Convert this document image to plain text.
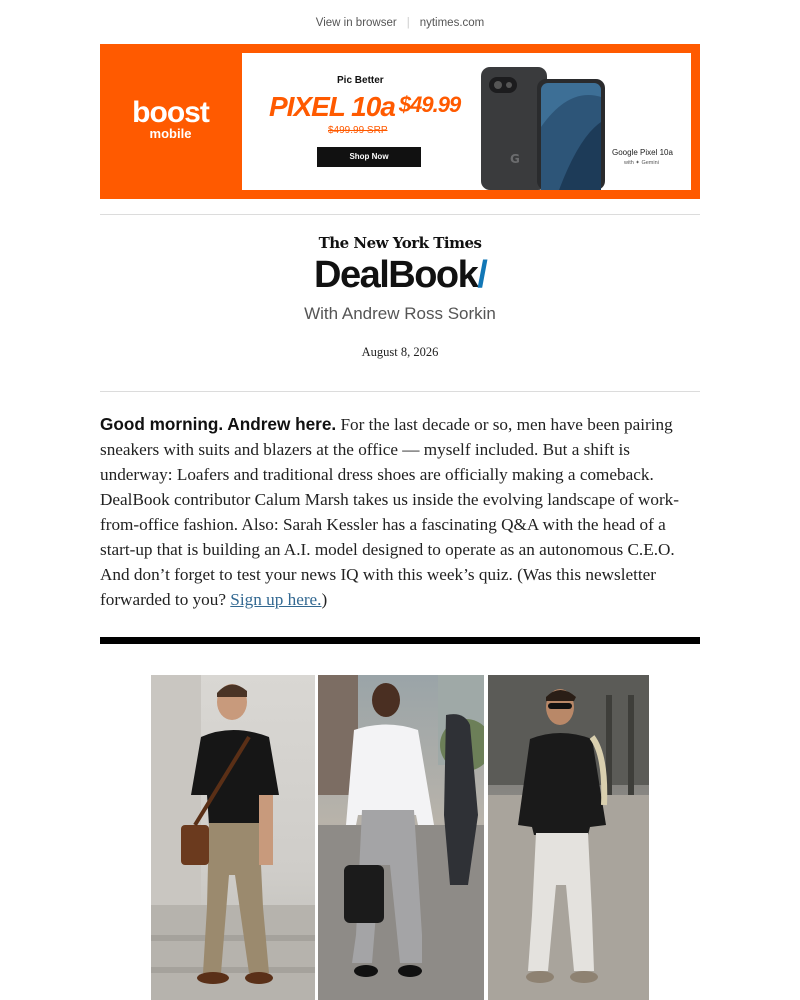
View in browser | nytimes.com
boost
mobile
Pic Better
PIXEL 10a $49.99
$499.99 SRP
Shop Now	G	Google Pixel 10a
with ✦ Gemini
The New York Times
DealBook/
With Andrew Ross Sorkin
August 8, 2026
Good morning. Andrew here. For the last decade or so, men have been pairing sneakers with suits and blazers at the office — myself included. But a shift is underway: Loafers and traditional dress shoes are officially making a comeback. DealBook contributor Calum Marsh takes us inside the evolving landscape of work-from-office fashion. Also: Sarah Kessler has a fascinating Q&A with the head of a start-up that is building an A.I. model designed to operate as an autonomous C.E.O. And don’t forget to test your news IQ with this week’s quiz. (Was this newsletter forwarded to you? Sign up here.)
